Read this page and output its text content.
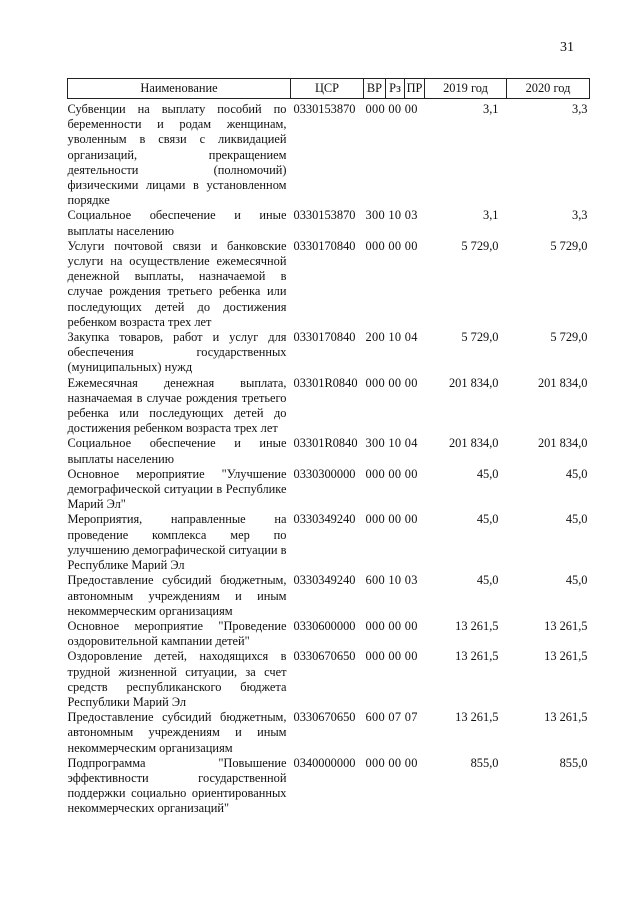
31
Наименование	ЦСР	ВР	Рз	ПР	2019 год	2020 год
Субвенции на выплату пособий по беременности и родам женщинам, уволенным в связи с ликвидацией организаций, прекращением деятельности (полномочий) физическими лицами в установленном порядке	0330153870	000 00 00			3,1	3,3
Социальное обеспечение и иные выплаты населению	0330153870	300 10 03			3,1	3,3
Услуги почтовой связи и банковские услуги на осуществление ежемесячной денежной выплаты, назначаемой в случае рождения третьего ребенка или последующих детей до достижения ребенком возраста трех лет	0330170840	000 00 00			5 729,0	5 729,0
Закупка товаров, работ и услуг для обеспечения государственных (муниципальных) нужд	0330170840	200 10 04			5 729,0	5 729,0
Ежемесячная денежная выплата, назначаемая в случае рождения третьего ребенка или последующих детей до достижения ребенком возраста трех лет	03301R0840	000 00 00			201 834,0	201 834,0
Социальное обеспечение и иные выплаты населению	03301R0840	300 10 04			201 834,0	201 834,0
Основное мероприятие "Улучшение демографической ситуации в Республике Марий Эл"	0330300000	000 00 00			45,0	45,0
Мероприятия, направленные на проведение комплекса мер по улучшению демографической ситуации в Республике Марий Эл	0330349240	000 00 00			45,0	45,0
Предоставление субсидий бюджетным, автономным учреждениям и иным некоммерческим организациям	0330349240	600 10 03			45,0	45,0
Основное мероприятие "Проведение оздоровительной кампании детей"	0330600000	000 00 00			13 261,5	13 261,5
Оздоровление детей, находящихся в трудной жизненной ситуации, за счет средств республиканского бюджета Республики Марий Эл	0330670650	000 00 00			13 261,5	13 261,5
Предоставление субсидий бюджетным, автономным учреждениям и иным некоммерческим организациям	0330670650	600 07 07			13 261,5	13 261,5
Подпрограмма "Повышение эффективности государственной поддержки социально ориентированных некоммерческих организаций"	0340000000	000 00 00			855,0	855,0
